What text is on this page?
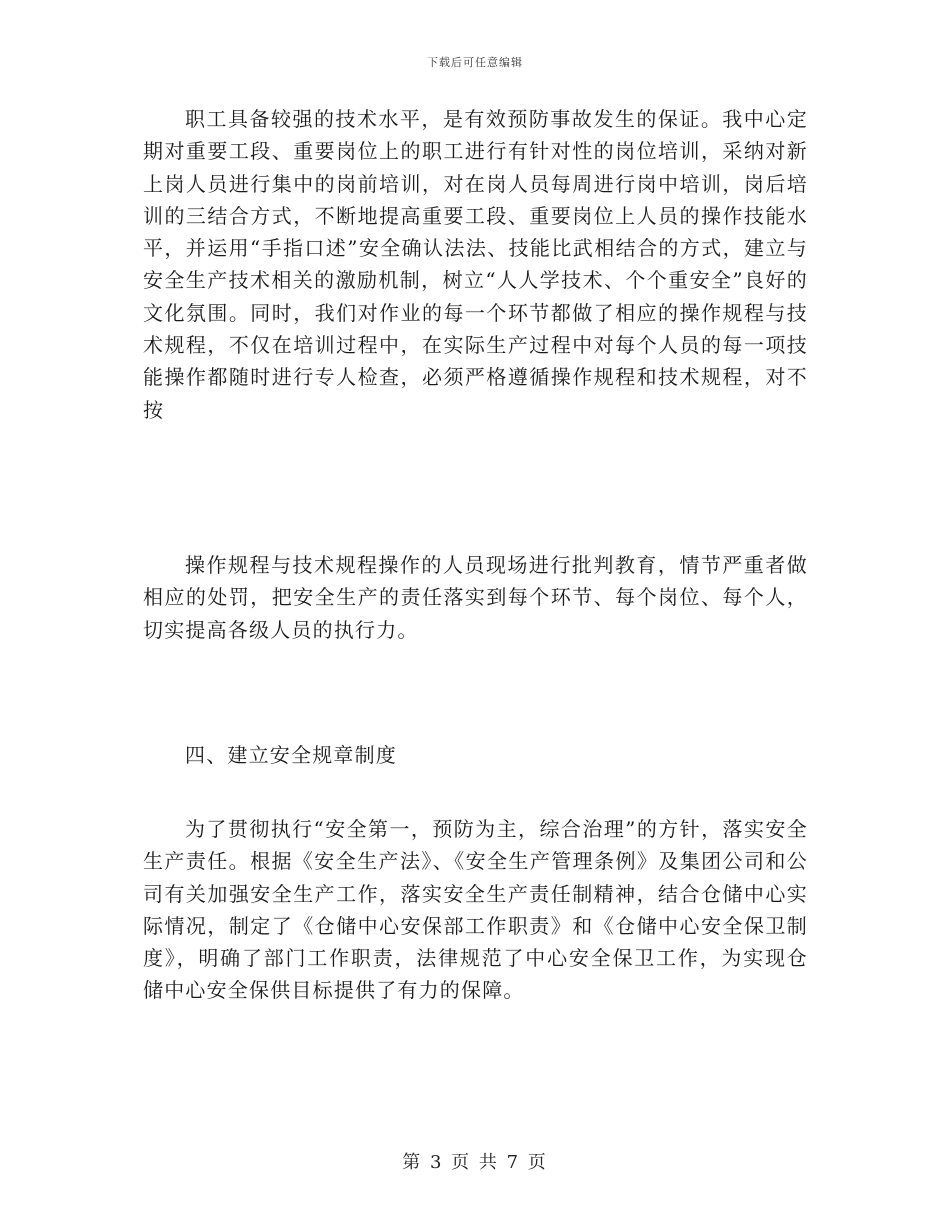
下载后可任意编辑

职工具备较强的技术水平，是有效预防事故发生的保证。我中心定期对重要工段、重要岗位上的职工进行有针对性的岗位培训，采纳对新上岗人员进行集中的岗前培训，对在岗人员每周进行岗中培训，岗后培训的三结合方式，不断地提高重要工段、重要岗位上人员的操作技能水平，并运用“手指口述”安全确认法法、技能比武相结合的方式，建立与安全生产技术相关的激励机制，树立“人人学技术、个个重安全”良好的文化氛围。同时，我们对作业的每一个环节都做了相应的操作规程与技术规程，不仅在培训过程中，在实际生产过程中对每个人员的每一项技能操作都随时进行专人检查，必须严格遵循操作规程和技术规程，对不按

操作规程与技术规程操作的人员现场进行批判教育，情节严重者做相应的处罚，把安全生产的责任落实到每个环节、每个岗位、每个人，切实提高各级人员的执行力。

四、建立安全规章制度

为了贯彻执行“安全第一，预防为主，综合治理”的方针，落实安全生产责任。根据《安全生产法》、《安全生产管理条例》及集团公司和公司有关加强安全生产工作，落实安全生产责任制精神，结合仓储中心实际情况，制定了《仓储中心安保部工作职责》和《仓储中心安全保卫制度》，明确了部门工作职责，法律规范了中心安全保卫工作，为实现仓储中心安全保供目标提供了有力的保障。

第 3 页 共 7 页
